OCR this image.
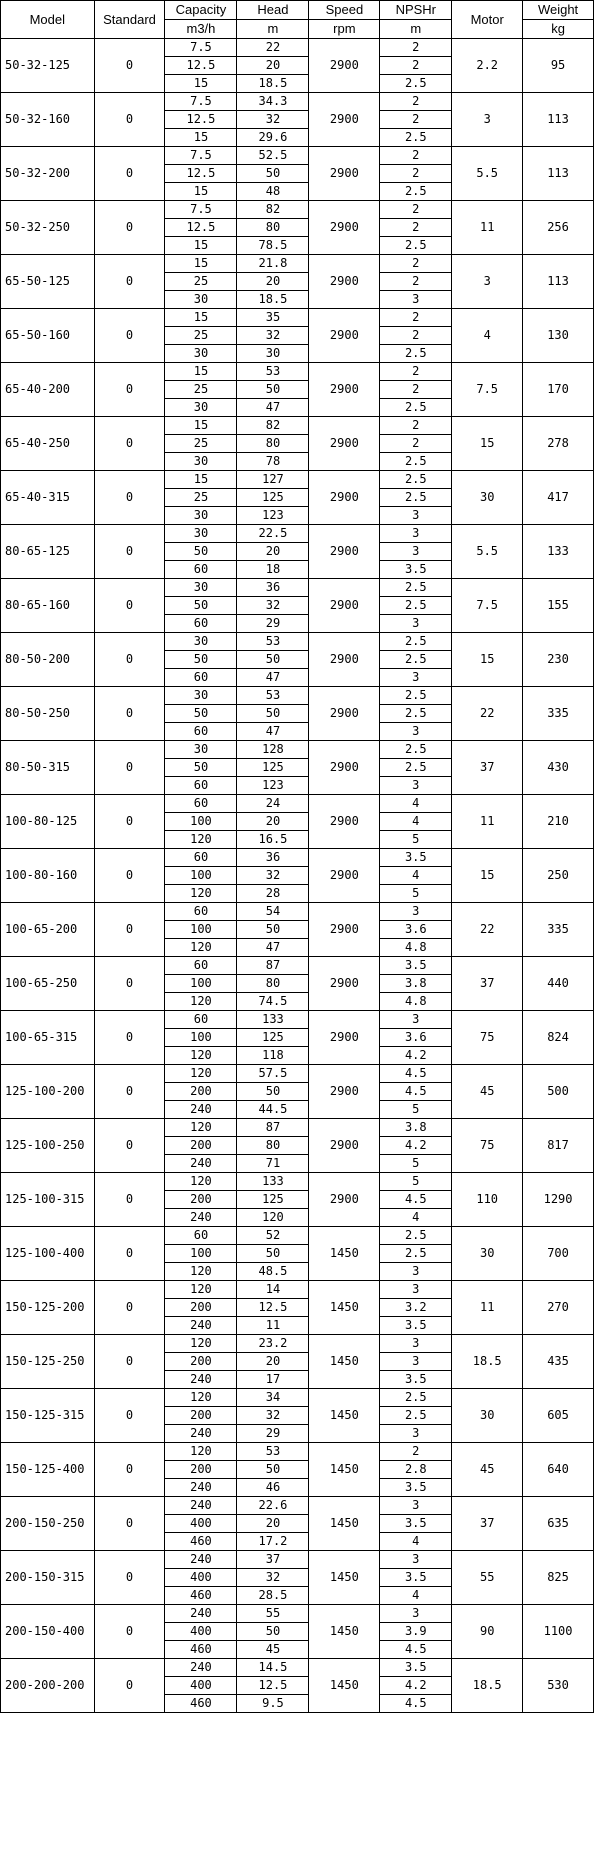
Model	Standard	Capacity	Head	Speed	NPSHr	Motor	Weight
		m3/h	m	rpm	m		kg
50-32-125	0	7.5	22	2900	2	2.2	95
		12.5	20		2		
		15	18.5		2.5		
50-32-160	0	7.5	34.3	2900	2	3	113
		12.5	32		2		
		15	29.6		2.5		
50-32-200	0	7.5	52.5	2900	2	5.5	113
		12.5	50		2		
		15	48		2.5		
50-32-250	0	7.5	82	2900	2	11	256
		12.5	80		2		
		15	78.5		2.5		
65-50-125	0	15	21.8	2900	2	3	113
		25	20		2		
		30	18.5		3		
65-50-160	0	15	35	2900	2	4	130
		25	32		2		
		30	30		2.5		
65-40-200	0	15	53	2900	2	7.5	170
		25	50		2		
		30	47		2.5		
65-40-250	0	15	82	2900	2	15	278
		25	80		2		
		30	78		2.5		
65-40-315	0	15	127	2900	2.5	30	417
		25	125		2.5		
		30	123		3		
80-65-125	0	30	22.5	2900	3	5.5	133
		50	20		3		
		60	18		3.5		
80-65-160	0	30	36	2900	2.5	7.5	155
		50	32		2.5		
		60	29		3		
80-50-200	0	30	53	2900	2.5	15	230
		50	50		2.5		
		60	47		3		
80-50-250	0	30	53	2900	2.5	22	335
		50	50		2.5		
		60	47		3		
80-50-315	0	30	128	2900	2.5	37	430
		50	125		2.5		
		60	123		3		
100-80-125	0	60	24	2900	4	11	210
		100	20		4		
		120	16.5		5		
100-80-160	0	60	36	2900	3.5	15	250
		100	32		4		
		120	28		5		
100-65-200	0	60	54	2900	3	22	335
		100	50		3.6		
		120	47		4.8		
100-65-250	0	60	87	2900	3.5	37	440
		100	80		3.8		
		120	74.5		4.8		
100-65-315	0	60	133	2900	3	75	824
		100	125		3.6		
		120	118		4.2		
125-100-200	0	120	57.5	2900	4.5	45	500
		200	50		4.5		
		240	44.5		5		
125-100-250	0	120	87	2900	3.8	75	817
		200	80		4.2		
		240	71		5		
125-100-315	0	120	133	2900	5	110	1290
		200	125		4.5		
		240	120		4		
125-100-400	0	60	52	1450	2.5	30	700
		100	50		2.5		
		120	48.5		3		
150-125-200	0	120	14	1450	3	11	270
		200	12.5		3.2		
		240	11		3.5		
150-125-250	0	120	23.2	1450	3	18.5	435
		200	20		3		
		240	17		3.5		
150-125-315	0	120	34	1450	2.5	30	605
		200	32		2.5		
		240	29		3		
150-125-400	0	120	53	1450	2	45	640
		200	50		2.8		
		240	46		3.5		
200-150-250	0	240	22.6	1450	3	37	635
		400	20		3.5		
		460	17.2		4		
200-150-315	0	240	37	1450	3	55	825
		400	32		3.5		
		460	28.5		4		
200-150-400	0	240	55	1450	3	90	1100
		400	50		3.9		
		460	45		4.5		
200-200-200	0	240	14.5	1450	3.5	18.5	530
		400	12.5		4.2		
		460	9.5		4.5		
